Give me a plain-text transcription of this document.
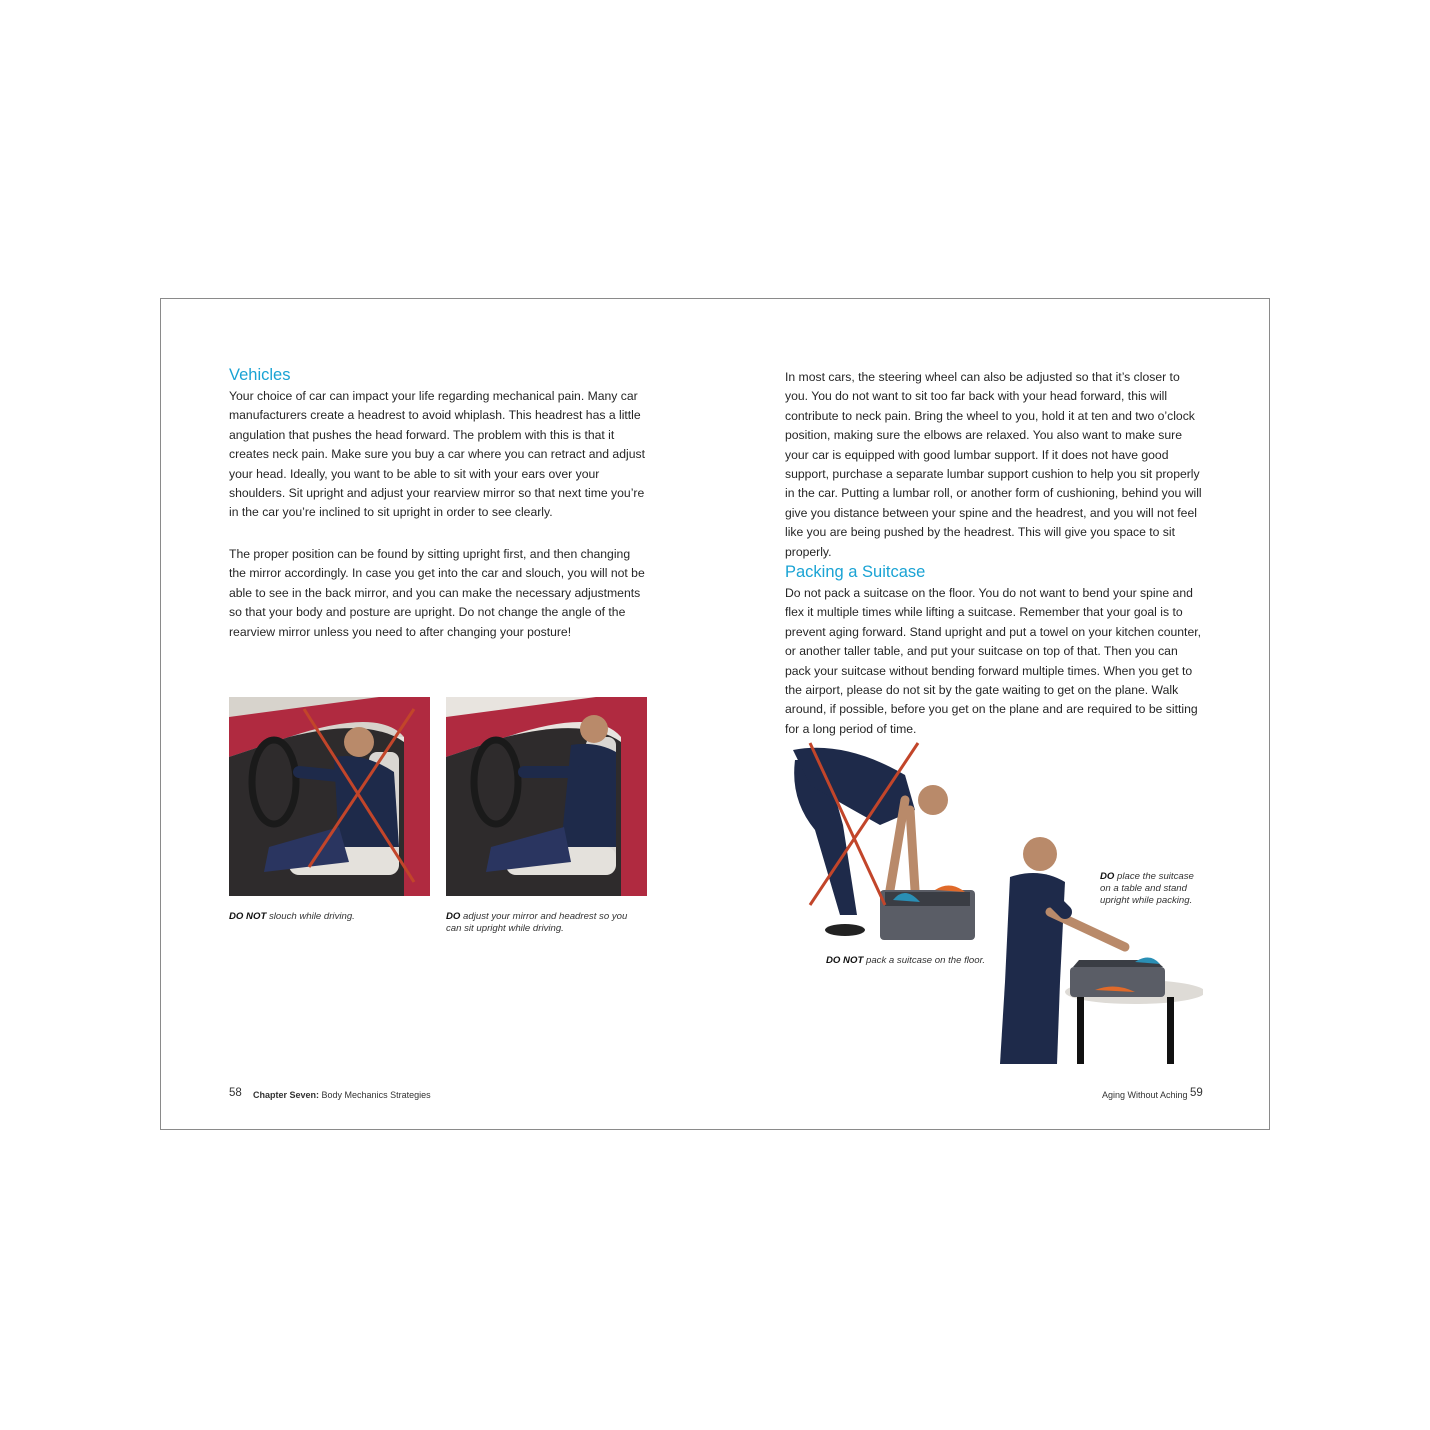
Vehicles

Your choice of car can impact your life regarding mechanical pain. Many car manufacturers create a headrest to avoid whiplash. This headrest has a little angulation that pushes the head forward. The problem with this is that it creates neck pain. Make sure you buy a car where you can retract and adjust your head. Ideally, you want to be able to sit with your ears over your shoulders. Sit upright and adjust your rearview mirror so that next time you’re in the car you’re inclined to sit upright in order to see clearly.

The proper position can be found by sitting upright first, and then changing the mirror accordingly. In case you get into the car and slouch, you will not be able to see in the back mirror, and you can make the necessary adjustments so that your body and posture are upright. Do not change the angle of the rearview mirror unless you need to after changing your posture!

DO NOT slouch while driving.	DO adjust your mirror and headrest so you can sit upright while driving.

58 Chapter Seven: Body Mechanics Strategies

In most cars, the steering wheel can also be adjusted so that it’s closer to you. You do not want to sit too far back with your head forward, this will contribute to neck pain. Bring the wheel to you, hold it at ten and two o’clock position, making sure the elbows are relaxed. You also want to make sure your car is equipped with good lumbar support. If it does not have good support, purchase a separate lumbar support cushion to help you sit properly in the car. Putting a lumbar roll, or another form of cushioning, behind you will give you distance between your spine and the headrest, and you will not feel like you are being pushed by the headrest. This will give you space to sit properly.

Packing a Suitcase

Do not pack a suitcase on the floor. You do not want to bend your spine and flex it multiple times while lifting a suitcase. Remember that your goal is to prevent aging forward. Stand upright and put a towel on your kitchen counter, or another taller table, and put your suitcase on top of that. Then you can pack your suitcase without bending forward multiple times. When you get to the airport, please do not sit by the gate waiting to get on the plane. Walk around, if possible, before you get on the plane and are required to be sitting for a long period of time.

DO NOT pack a suitcase on the floor.

DO place the suitcase on a table and stand upright while packing.

Aging Without Aching 59
